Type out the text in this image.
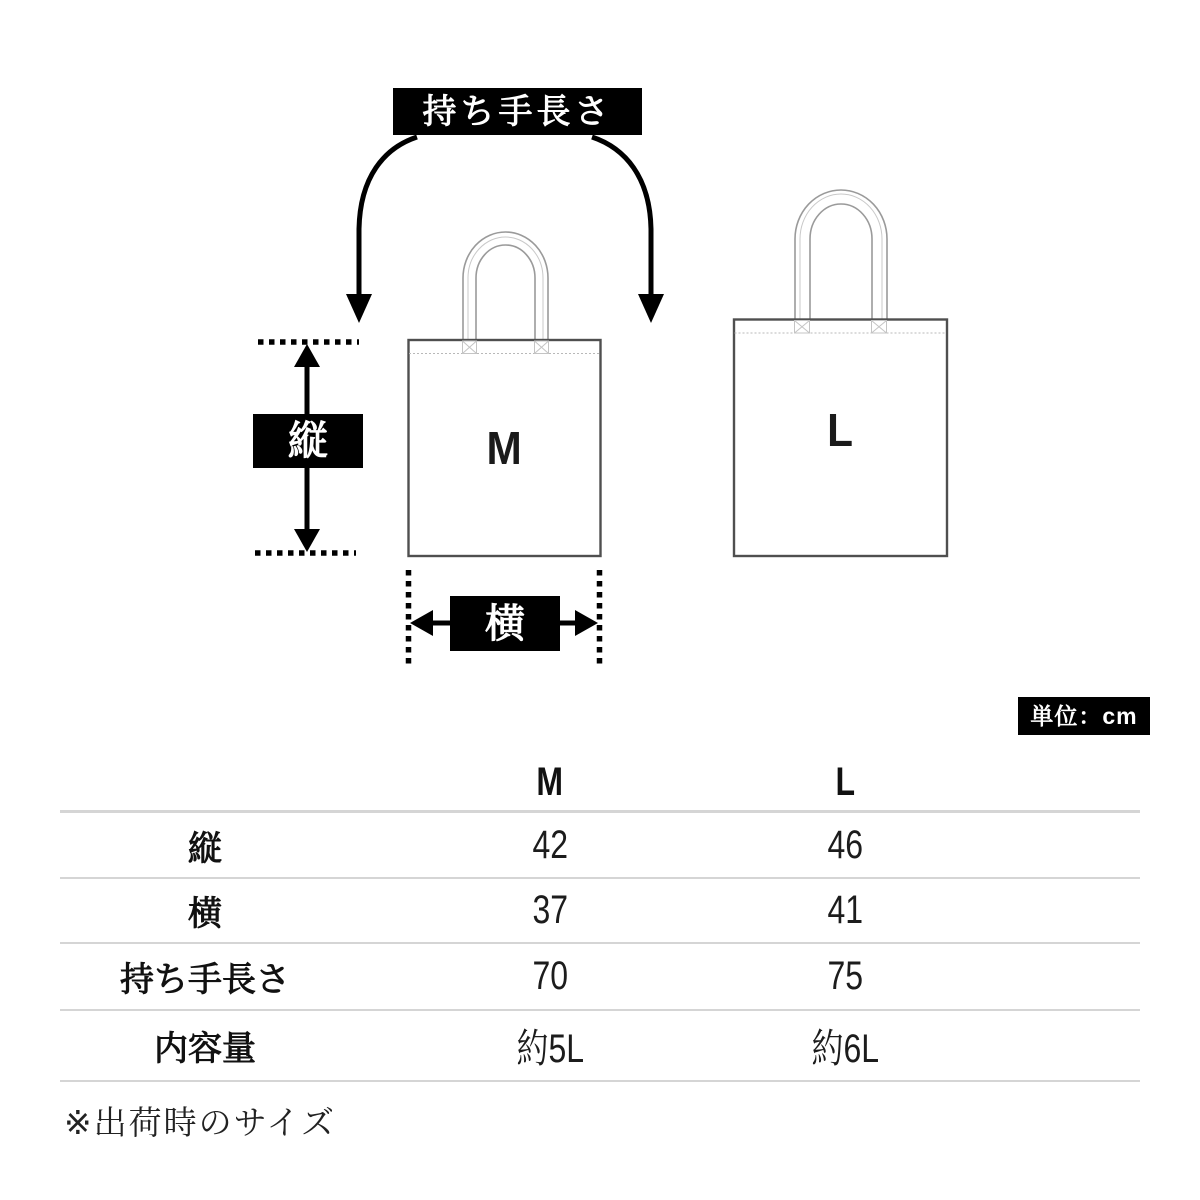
持ち手長さ
縦
横
単位：cm
M	L
M	L
縦	42	46
横	37	41
持ち手長さ	70	75
内容量	約5L	約6L
※出荷時のサイズ
